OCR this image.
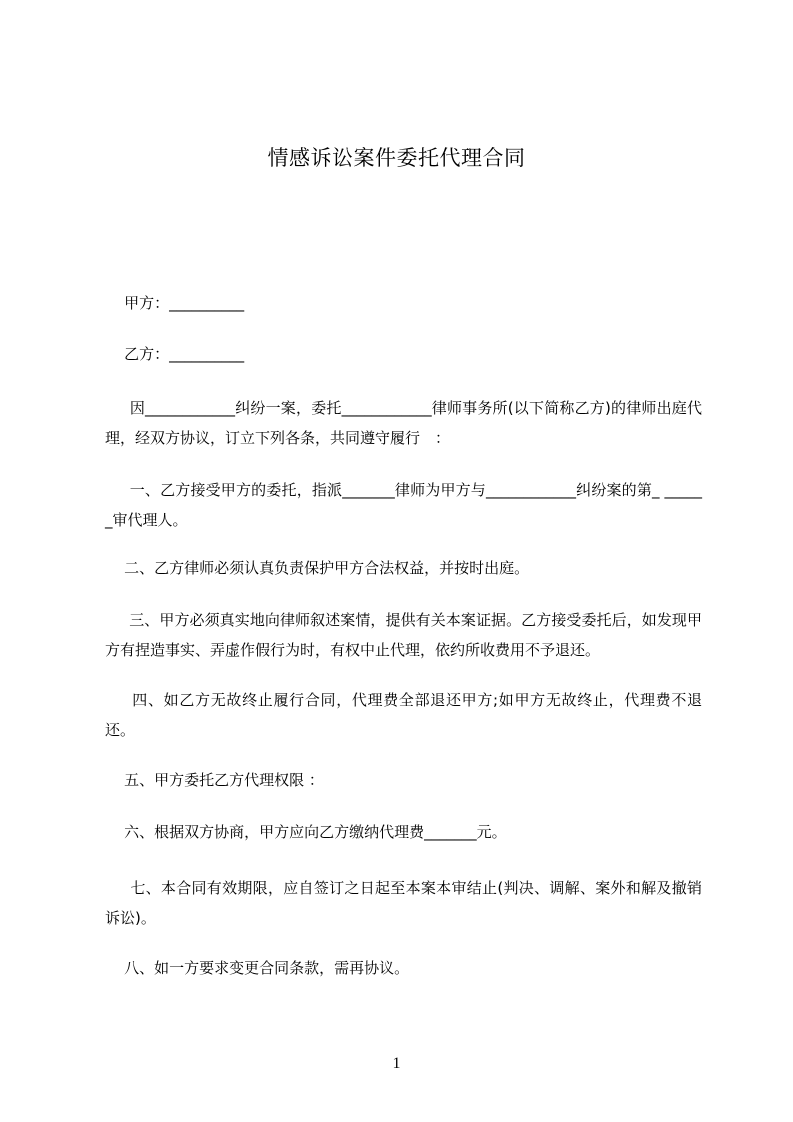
情感诉讼案件委托代理合同

甲方：__________

乙方：__________

因____________纠纷一案，委托____________律师事务所(以下简称乙方)的律师出庭代理，经双方协议，订立下列各条，共同遵守履行　：

一、乙方接受甲方的委托，指派_______律师为甲方与____________纠纷案的第_ ______审代理人。

二、乙方律师必须认真负责保护甲方合法权益，并按时出庭。

三、甲方必须真实地向律师叙述案情，提供有关本案证据。乙方接受委托后，如发现甲方有捏造事实、弄虚作假行为时，有权中止代理，依约所收费用不予退还。

四、如乙方无故终止履行合同，代理费全部退还甲方;如甲方无故终止，代理费不退还。

五、甲方委托乙方代理权限 ：

六、根据双方协商，甲方应向乙方缴纳代理费_______元。

七、本合同有效期限，应自签订之日起至本案本审结止(判决、调解、案外和解及撤销诉讼)。

八、如一方要求变更合同条款，需再协议。

1
